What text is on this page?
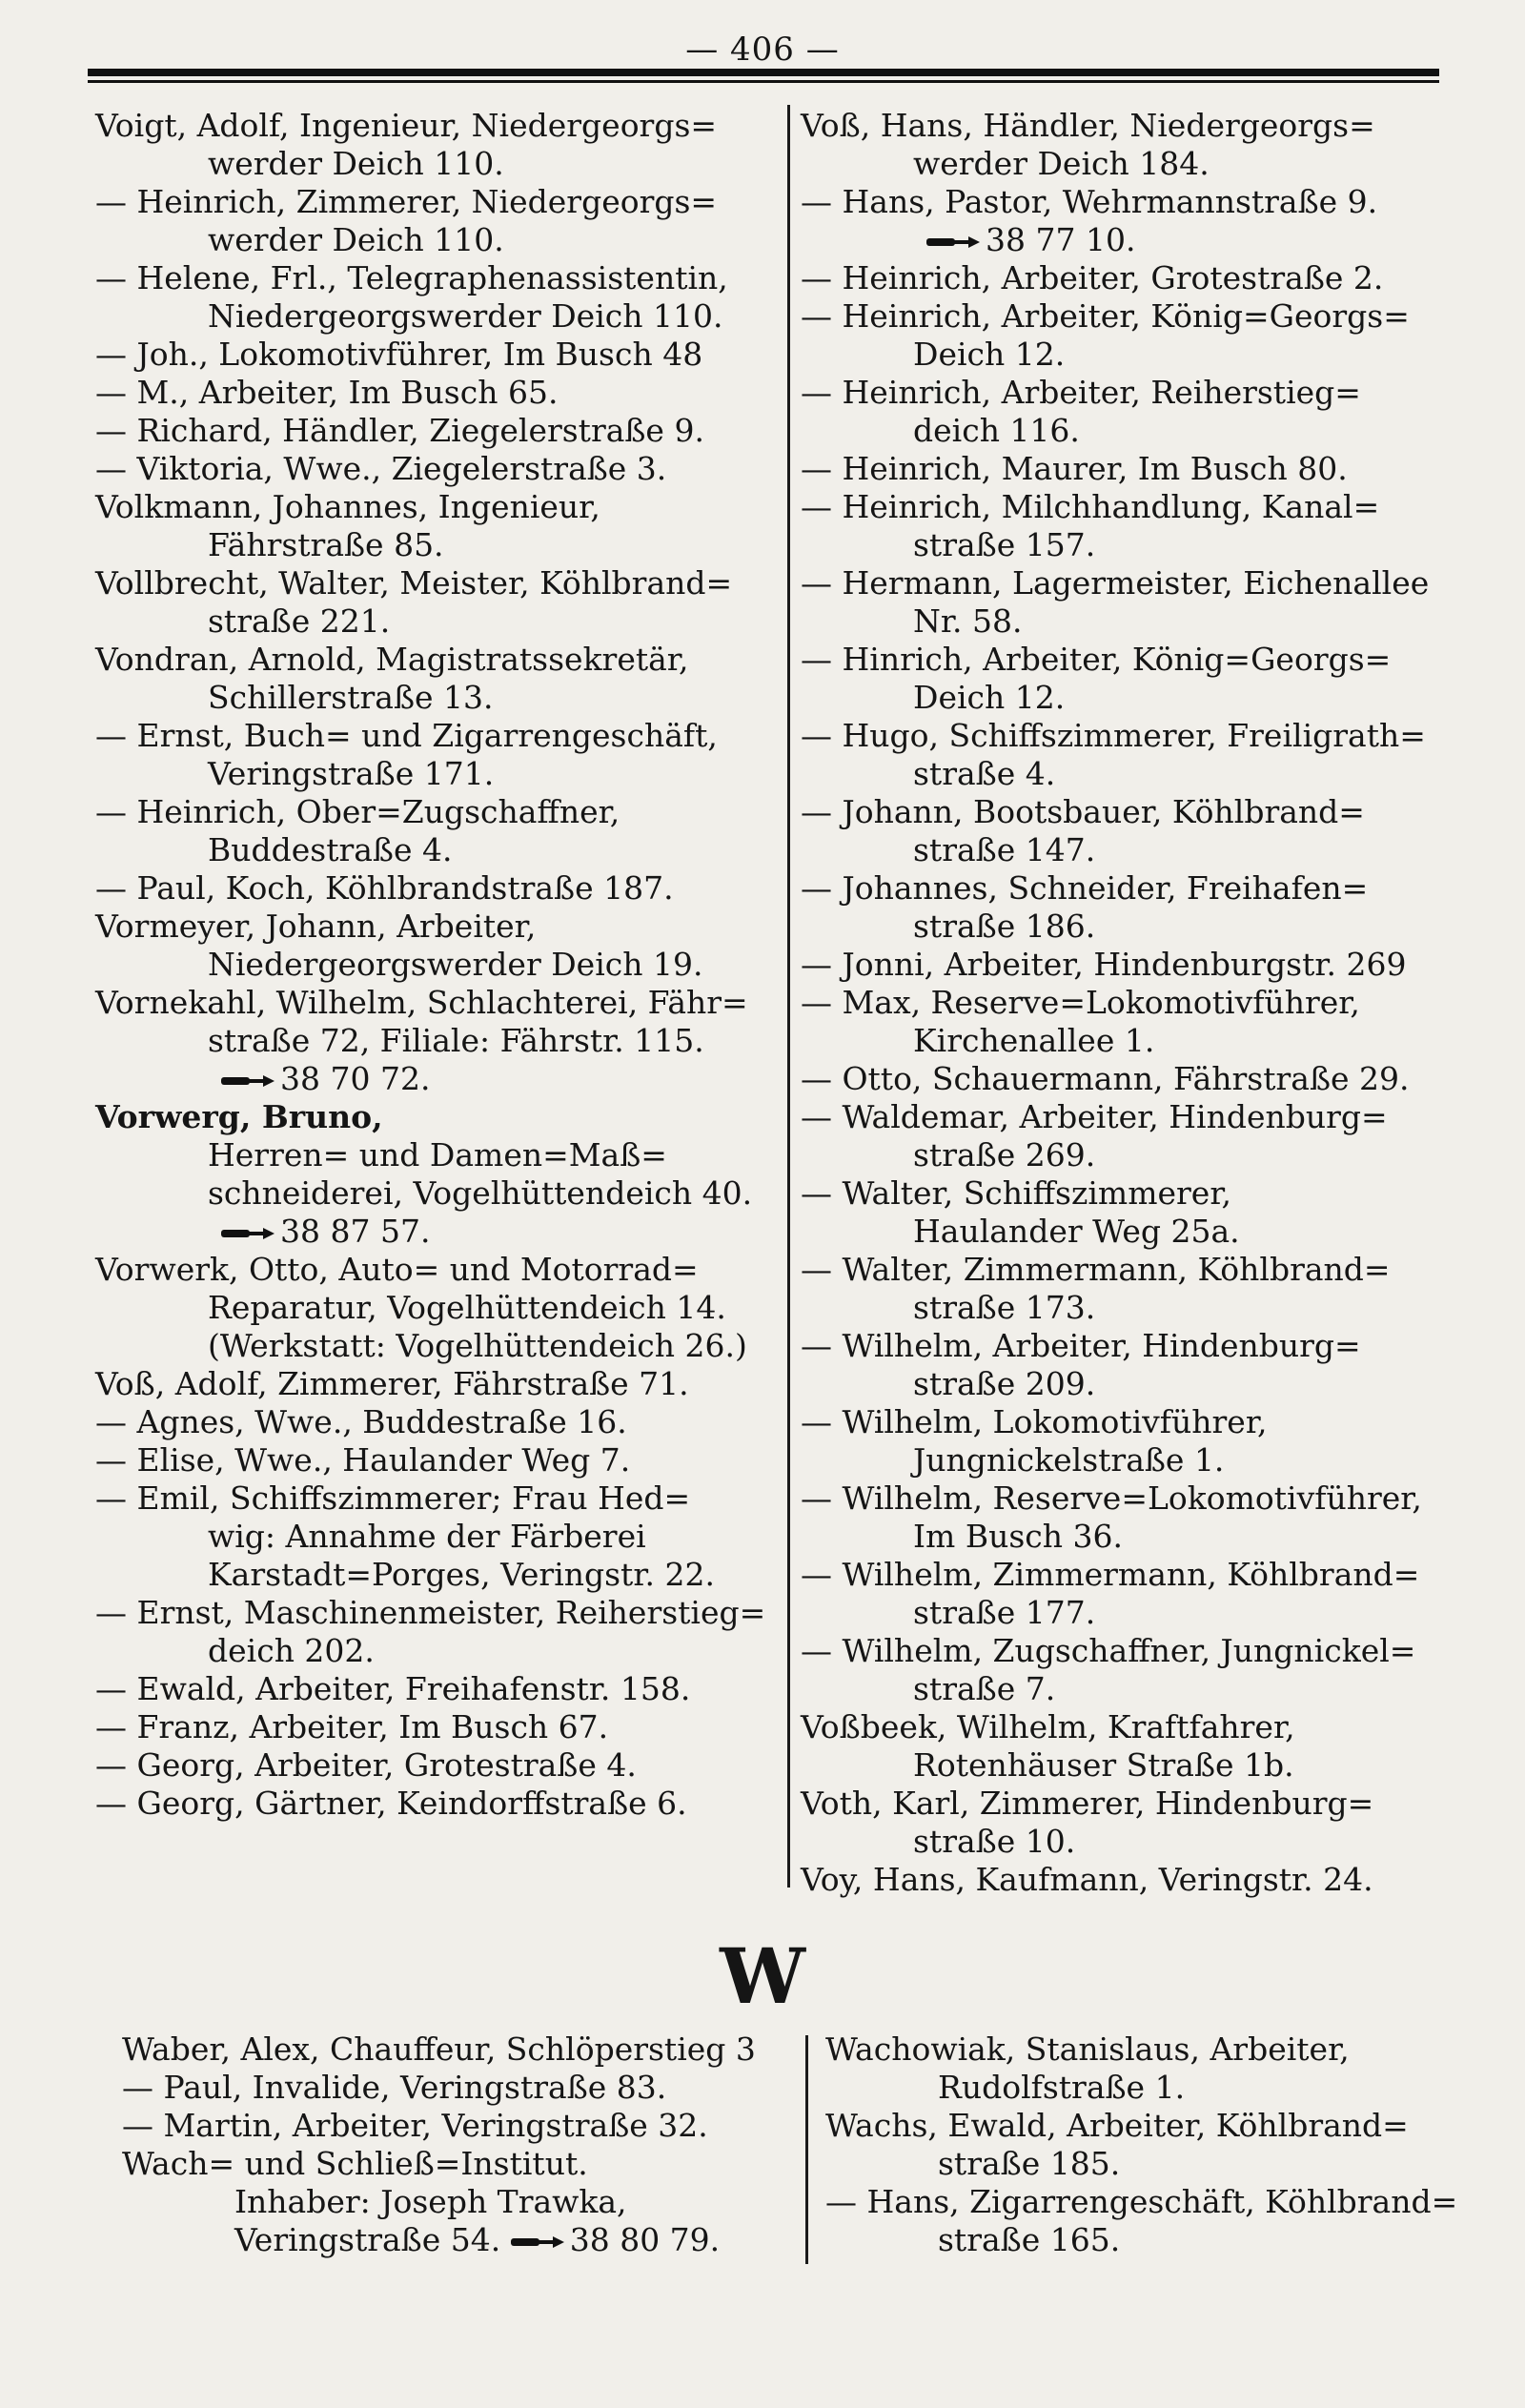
— 406 —
Voigt, Adolf, Ingenieur, Niedergeorgs=
werder Deich 110.
— Heinrich, Zimmerer, Niedergeorgs=
werder Deich 110.
— Helene, Frl., Telegraphenassistentin,
Niedergeorgswerder Deich 110.
— Joh., Lokomotivführer, Im Busch 48
— M., Arbeiter, Im Busch 65.
— Richard, Händler, Ziegelerstraße 9.
— Viktoria, Wwe., Ziegelerstraße 3.
Volkmann, Johannes, Ingenieur,
Fährstraße 85.
Vollbrecht, Walter, Meister, Köhlbrand=
straße 221.
Vondran, Arnold, Magistratssekretär,
Schillerstraße 13.
— Ernst, Buch= und Zigarrengeschäft,
Veringstraße 171.
— Heinrich, Ober=Zugschaffner,
Buddestraße 4.
— Paul, Koch, Köhlbrandstraße 187.
Vormeyer, Johann, Arbeiter,
Niedergeorgswerder Deich 19.
Vornekahl, Wilhelm, Schlachterei, Fähr=
straße 72, Filiale: Fährstr. 115.
38 70 72.
Vorwerg, Bruno,
Herren= und Damen=Maß=
schneiderei, Vogelhüttendeich 40.
38 87 57.
Vorwerk, Otto, Auto= und Motorrad=
Reparatur, Vogelhüttendeich 14.
(Werkstatt: Vogelhüttendeich 26.)
Voß, Adolf, Zimmerer, Fährstraße 71.
— Agnes, Wwe., Buddestraße 16.
— Elise, Wwe., Haulander Weg 7.
— Emil, Schiffszimmerer; Frau Hed=
wig: Annahme der Färberei
Karstadt=Porges, Veringstr. 22.
— Ernst, Maschinenmeister, Reiherstieg=
deich 202.
— Ewald, Arbeiter, Freihafenstr. 158.
— Franz, Arbeiter, Im Busch 67.
— Georg, Arbeiter, Grotestraße 4.
— Georg, Gärtner, Keindorffstraße 6.
Voß, Hans, Händler, Niedergeorgs=
werder Deich 184.
— Hans, Pastor, Wehrmannstraße 9.
38 77 10.
— Heinrich, Arbeiter, Grotestraße 2.
— Heinrich, Arbeiter, König=Georgs=
Deich 12.
— Heinrich, Arbeiter, Reiherstieg=
deich 116.
— Heinrich, Maurer, Im Busch 80.
— Heinrich, Milchhandlung, Kanal=
straße 157.
— Hermann, Lagermeister, Eichenallee
Nr. 58.
— Hinrich, Arbeiter, König=Georgs=
Deich 12.
— Hugo, Schiffszimmerer, Freiligrath=
straße 4.
— Johann, Bootsbauer, Köhlbrand=
straße 147.
— Johannes, Schneider, Freihafen=
straße 186.
— Jonni, Arbeiter, Hindenburgstr. 269
— Max, Reserve=Lokomotivführer,
Kirchenallee 1.
— Otto, Schauermann, Fährstraße 29.
— Waldemar, Arbeiter, Hindenburg=
straße 269.
— Walter, Schiffszimmerer,
Haulander Weg 25a.
— Walter, Zimmermann, Köhlbrand=
straße 173.
— Wilhelm, Arbeiter, Hindenburg=
straße 209.
— Wilhelm, Lokomotivführer,
Jungnickelstraße 1.
— Wilhelm, Reserve=Lokomotivführer,
Im Busch 36.
— Wilhelm, Zimmermann, Köhlbrand=
straße 177.
— Wilhelm, Zugschaffner, Jungnickel=
straße 7.
Voßbeek, Wilhelm, Kraftfahrer,
Rotenhäuser Straße 1b.
Voth, Karl, Zimmerer, Hindenburg=
straße 10.
Voy, Hans, Kaufmann, Veringstr. 24.
W
Waber, Alex, Chauffeur, Schlöperstieg 3
— Paul, Invalide, Veringstraße 83.
— Martin, Arbeiter, Veringstraße 32.
Wach= und Schließ=Institut.
Inhaber: Joseph Trawka,
Veringstraße 54. 38 80 79.
Wachowiak, Stanislaus, Arbeiter,
Rudolfstraße 1.
Wachs, Ewald, Arbeiter, Köhlbrand=
straße 185.
— Hans, Zigarrengeschäft, Köhlbrand=
straße 165.
